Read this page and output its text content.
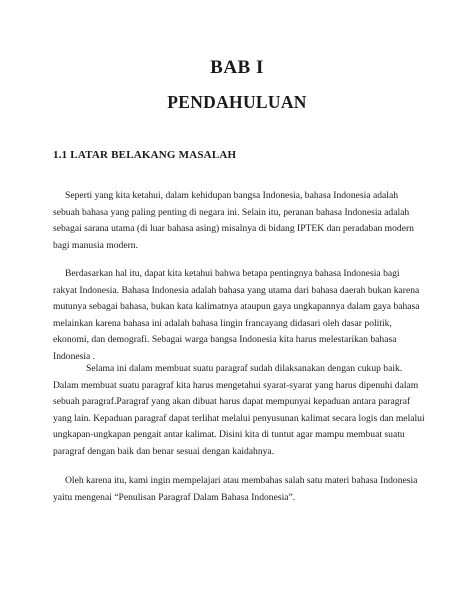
BAB I
PENDAHULUAN
1.1 LATAR BELAKANG MASALAH

Seperti yang kita ketahui, dalam kehidupan bangsa Indonesia, bahasa Indonesia adalah
sebuah bahasa yang paling penting di negara ini. Selain itu, peranan bahasa Indonesia adalah
sebagai sarana utama (di luar bahasa asing) misalnya di bidang IPTEK dan peradaban modern
bagi manusia modern.

Berdasarkan hal itu, dapat kita ketahui bahwa betapa pentingnya bahasa Indonesia bagi
rakyat Indonesia. Bahasa Indonesia adalah bahasa yang utama dari bahasa daerah bukan karena
mutunya sebagai bahasa, bukan kata kalimatnya ataupun gaya ungkapannya dalam gaya bahasa
melainkan karena bahasa ini adalah bahasa lingin francayang didasari oleh dasar politik,
ekonomi, dan demografi. Sebagai warga bangsa Indonesia kita harus melestarikan bahasa
Indonesia .

Selama ini dalam membuat suatu paragraf sudah dilaksanakan dengan cukup baik.
Dalam membuat suatu paragraf kita harus mengetahui syarat-syarat yang harus dipenuhi dalam
sebuah paragraf.Paragraf yang akan dibuat harus dapat mempunyai kepaduan antara paragraf
yang lain. Kepaduan paragraf dapat terlihat melalui penyusunan kalimat secara logis dan melalui
ungkapan-ungkapan pengait antar kalimat. Disini kita di tuntut agar mampu membuat suatu
paragraf dengan baik dan benar sesuai dengan kaidahnya.

Oleh karena itu, kami ingin mempelajari atau membahas salah satu materi bahasa Indonesia
yaitu mengenai “Penulisan Paragraf Dalam Bahasa Indonesia”.
